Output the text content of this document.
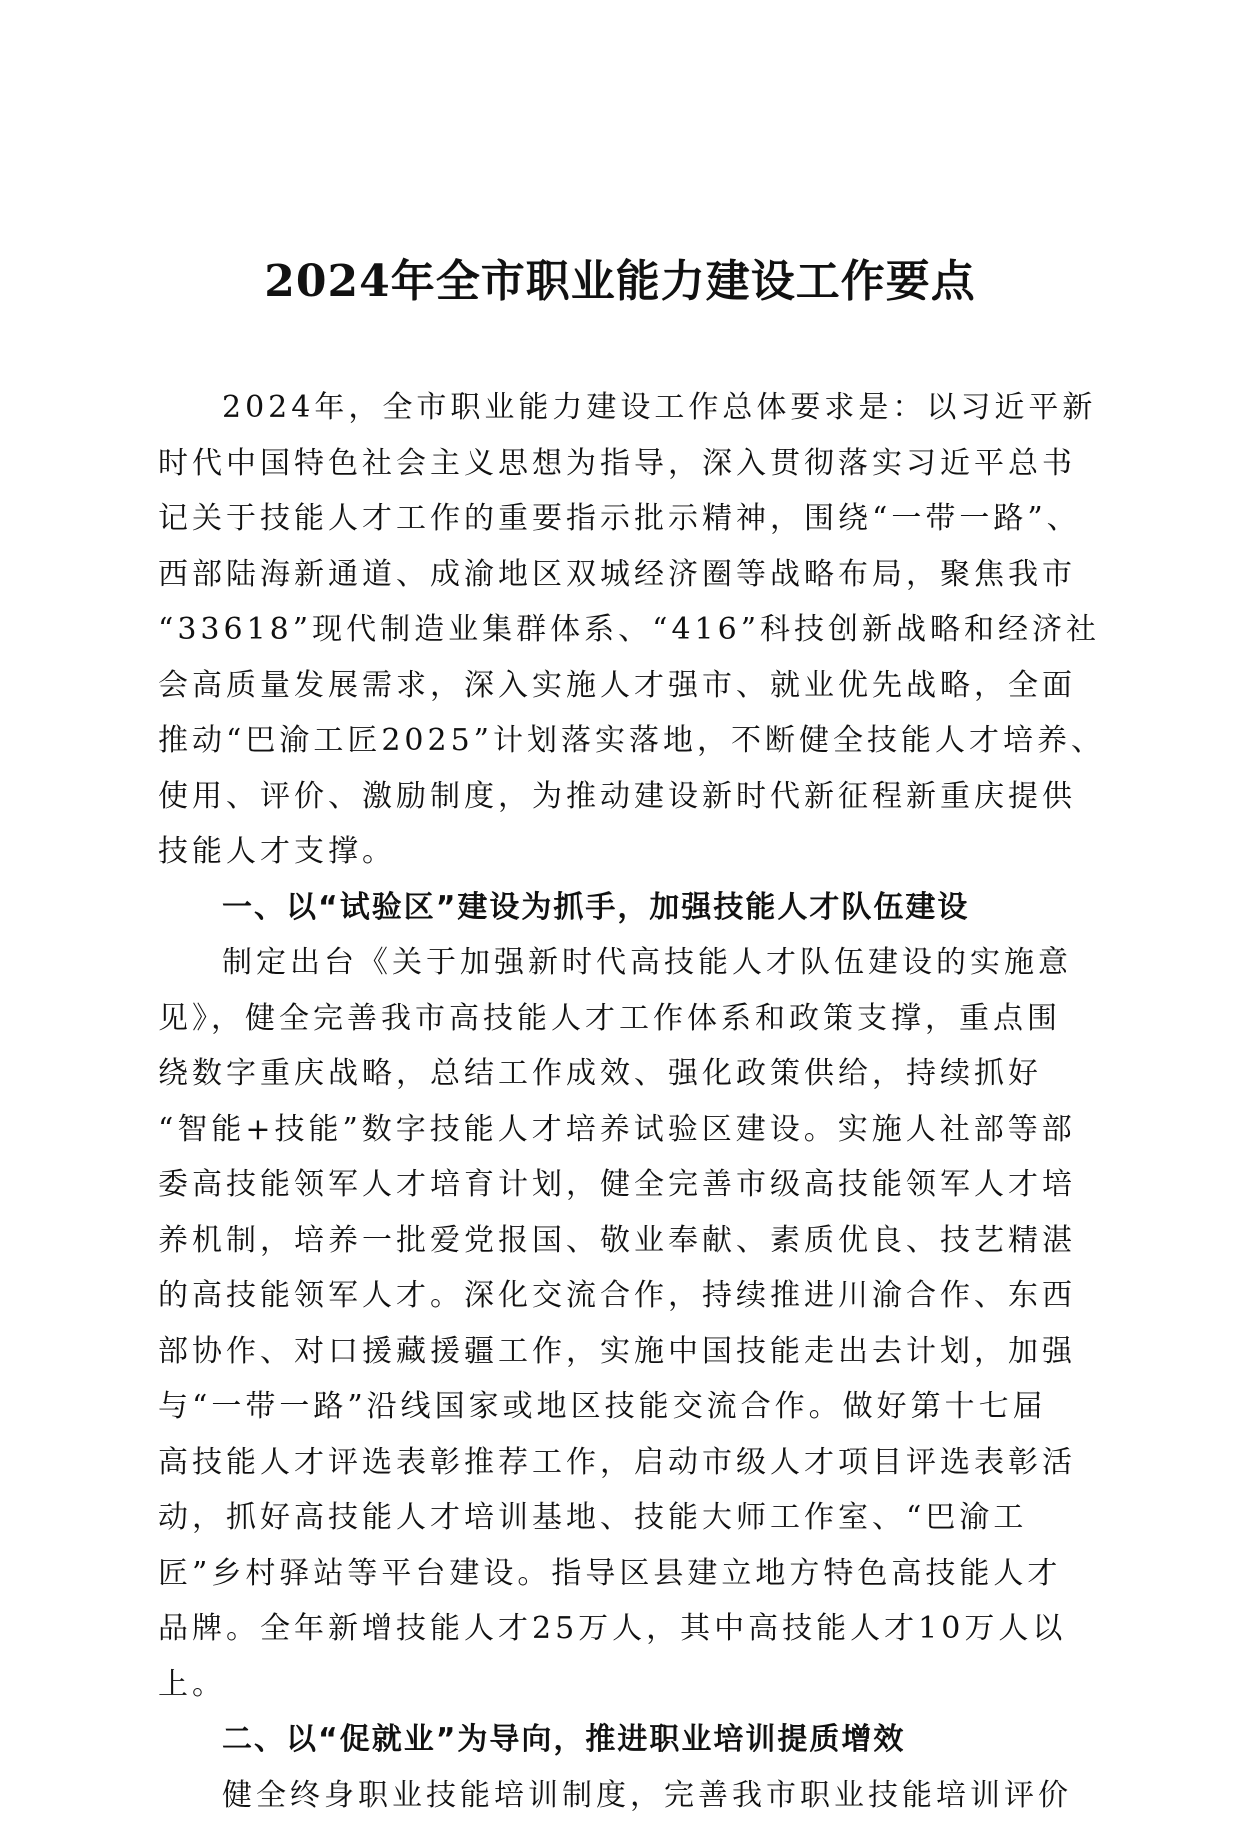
2024年全市职业能力建设工作要点
2024年，全市职业能力建设工作总体要求是：以习近平新
时代中国特色社会主义思想为指导，深入贯彻落实习近平总书
记关于技能人才工作的重要指示批示精神，围绕“一带一路”、
西部陆海新通道、成渝地区双城经济圈等战略布局，聚焦我市
“33618”现代制造业集群体系、“416”科技创新战略和经济社
会高质量发展需求，深入实施人才强市、就业优先战略，全面
推动“巴渝工匠2025”计划落实落地，不断健全技能人才培养、
使用、评价、激励制度，为推动建设新时代新征程新重庆提供
技能人才支撑。
一、以“试验区”建设为抓手，加强技能人才队伍建设
制定出台《关于加强新时代高技能人才队伍建设的实施意
见》，健全完善我市高技能人才工作体系和政策支撑，重点围
绕数字重庆战略，总结工作成效、强化政策供给，持续抓好
“智能+技能”数字技能人才培养试验区建设。实施人社部等部
委高技能领军人才培育计划，健全完善市级高技能领军人才培
养机制，培养一批爱党报国、敬业奉献、素质优良、技艺精湛
的高技能领军人才。深化交流合作，持续推进川渝合作、东西
部协作、对口援藏援疆工作，实施中国技能走出去计划，加强
与“一带一路”沿线国家或地区技能交流合作。做好第十七届
高技能人才评选表彰推荐工作，启动市级人才项目评选表彰活
动，抓好高技能人才培训基地、技能大师工作室、“巴渝工
匠”乡村驿站等平台建设。指导区县建立地方特色高技能人才
品牌。全年新增技能人才25万人，其中高技能人才10万人以
上。
二、以“促就业”为导向，推进职业培训提质增效
健全终身职业技能培训制度，完善我市职业技能培训评价
